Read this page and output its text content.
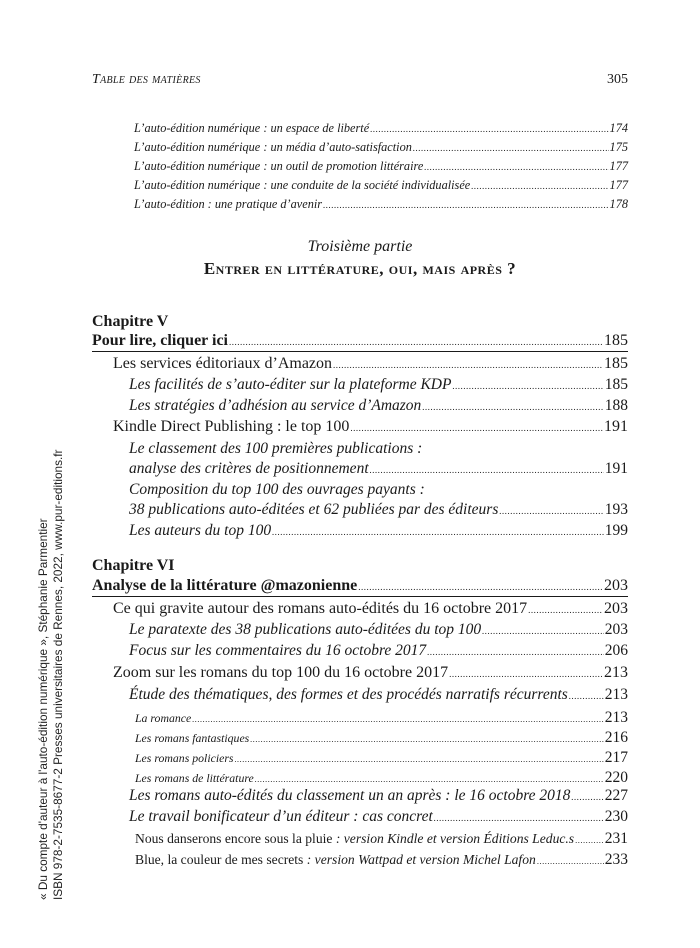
Table des matières	305
L’auto-édition numérique : un espace de liberté .....	174
L’auto-édition numérique : un média d’auto-satisfaction .....	175
L’auto-édition numérique : un outil de promotion littéraire .....	177
L’auto-édition numérique : une conduite de la société individualisée .....	177
L’auto-édition : une pratique d’avenir .....	178
Troisième partie
Entrer en littérature, oui, mais après ?
Chapitre V
Pour lire, cliquer ici .....	185
Les services éditoriaux d’Amazon .....	185
Les facilités de s’auto-éditer sur la plateforme KDP .....	185
Les stratégies d’adhésion au service d’Amazon .....	188
Kindle Direct Publishing : le top 100 .....	191
Le classement des 100 premières publications :
analyse des critères de positionnement .....	191
Composition du top 100 des ouvrages payants :
38 publications auto-éditées et 62 publiées par des éditeurs .....	193
Les auteurs du top 100 .....	199
Chapitre VI
Analyse de la littérature @mazonienne .....	203
Ce qui gravite autour des romans auto-édités du 16 octobre 2017 .....	203
Le paratexte des 38 publications auto-éditées du top 100 .....	203
Focus sur les commentaires du 16 octobre 2017 .....	206
Zoom sur les romans du top 100 du 16 octobre 2017 .....	213
Étude des thématiques, des formes et des procédés narratifs récurrents ..... 213
La romance .....	213
Les romans fantastiques .....	216
Les romans policiers .....	217
Les romans de littérature .....	220
Les romans auto-édités du classement un an après : le 16 octobre 2018 ..... 227
Le travail bonificateur d’un éditeur : cas concret .....	230
Nous danserons encore sous la pluie : version Kindle et version Éditions Leduc.s ..... 231
Blue, la couleur de mes secrets : version Wattpad et version Michel Lafon .....	233
« Du compte d'auteur à l'auto-édition numérique », Stéphanie Parmentier ISBN 978-2-7535-8677-2 Presses universitaires de Rennes, 2022, www.pur-editions.fr
